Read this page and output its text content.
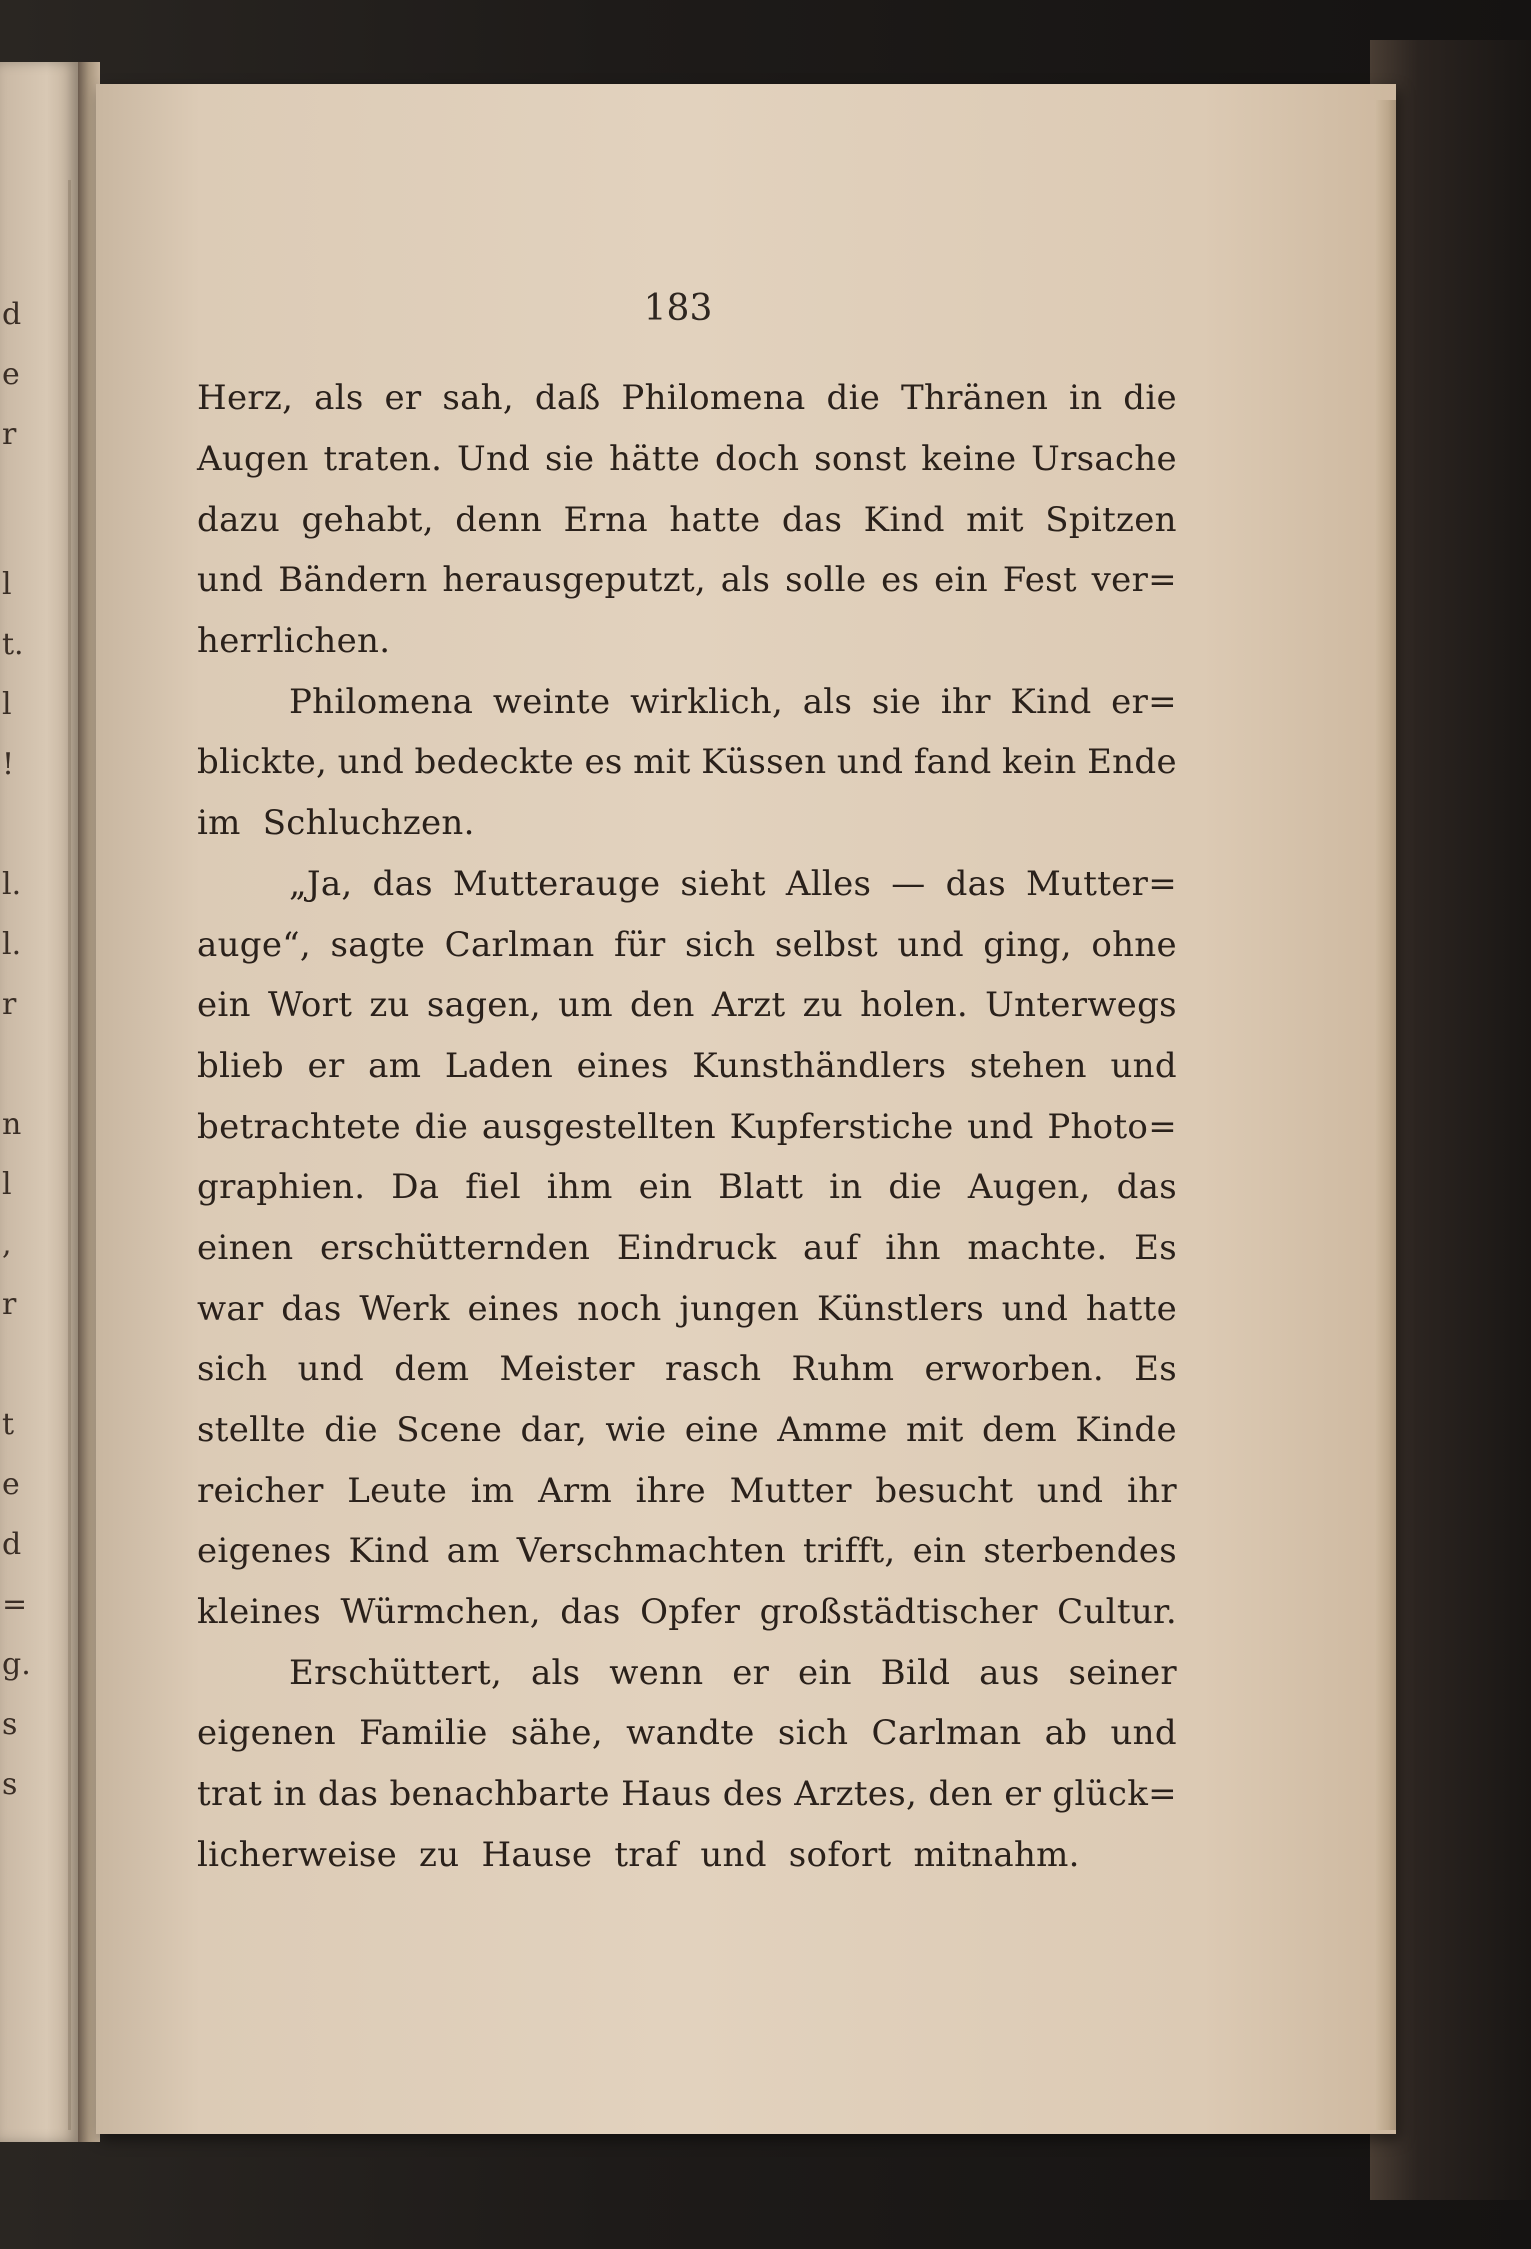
d
e
r
l
t.
l
!
l.
l.
r
n
l
,
r
t
e
d
=
g.
s
s
183
Herz, als er sah, daß Philomena die Thränen in die
Augen traten. Und sie hätte doch sonst keine Ursache
dazu gehabt, denn Erna hatte das Kind mit Spitzen
und Bändern herausgeputzt, als solle es ein Fest ver=
herrlichen.
Philomena weinte wirklich, als sie ihr Kind er=
blickte, und bedeckte es mit Küssen und fand kein Ende
im Schluchzen.
„Ja, das Mutterauge sieht Alles — das Mutter=
auge“, sagte Carlman für sich selbst und ging, ohne
ein Wort zu sagen, um den Arzt zu holen. Unterwegs
blieb er am Laden eines Kunsthändlers stehen und
betrachtete die ausgestellten Kupferstiche und Photo=
graphien. Da fiel ihm ein Blatt in die Augen, das
einen erschütternden Eindruck auf ihn machte. Es
war das Werk eines noch jungen Künstlers und hatte
sich und dem Meister rasch Ruhm erworben. Es
stellte die Scene dar, wie eine Amme mit dem Kinde
reicher Leute im Arm ihre Mutter besucht und ihr
eigenes Kind am Verschmachten trifft, ein sterbendes
kleines Würmchen, das Opfer großstädtischer Cultur.
Erschüttert, als wenn er ein Bild aus seiner
eigenen Familie sähe, wandte sich Carlman ab und
trat in das benachbarte Haus des Arztes, den er glück=
licherweise zu Hause traf und sofort mitnahm.
